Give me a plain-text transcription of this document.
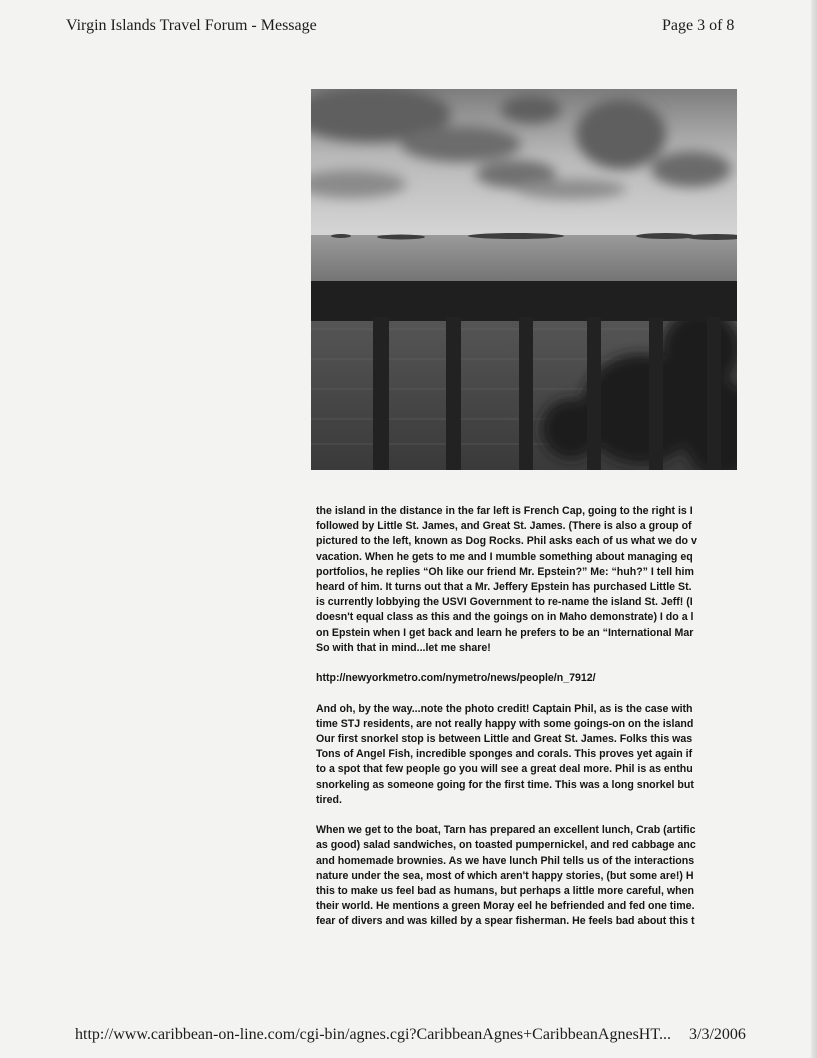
Virgin Islands Travel Forum - Message	Page 3 of 8

the island in the distance in the far left is French Cap, going to the right is I
followed by Little St. James, and Great St. James. (There is also a group of
pictured to the left, known as Dog Rocks. Phil asks each of us what we do v
vacation. When he gets to me and I mumble something about managing eq
portfolios, he replies “Oh like our friend Mr. Epstein?” Me: “huh?” I tell him
heard of him. It turns out that a Mr. Jeffery Epstein has purchased Little St.
is currently lobbying the USVI Government to re-name the island St. Jeff! (I
doesn't equal class as this and the goings on in Maho demonstrate) I do a l
on Epstein when I get back and learn he prefers to be an “International Mar
So with that in mind...let me share!

http://newyorkmetro.com/nymetro/news/people/n_7912/

And oh, by the way...note the photo credit! Captain Phil, as is the case with
time STJ residents, are not really happy with some goings-on on the island
Our first snorkel stop is between Little and Great St. James. Folks this was
Tons of Angel Fish, incredible sponges and corals. This proves yet again if
to a spot that few people go you will see a great deal more. Phil is as enthu
snorkeling as someone going for the first time. This was a long snorkel but
tired.

When we get to the boat, Tarn has prepared an excellent lunch, Crab (artific
as good) salad sandwiches, on toasted pumpernickel, and red cabbage anc
and homemade brownies. As we have lunch Phil tells us of the interactions
nature under the sea, most of which aren't happy stories, (but some are!) H
this to make us feel bad as humans, but perhaps a little more careful, when
their world. He mentions a green Moray eel he befriended and fed one time.
fear of divers and was killed by a spear fisherman. He feels bad about this t

http://www.caribbean-on-line.com/cgi-bin/agnes.cgi?CaribbeanAgnes+CaribbeanAgnesHT... 3/3/2006
